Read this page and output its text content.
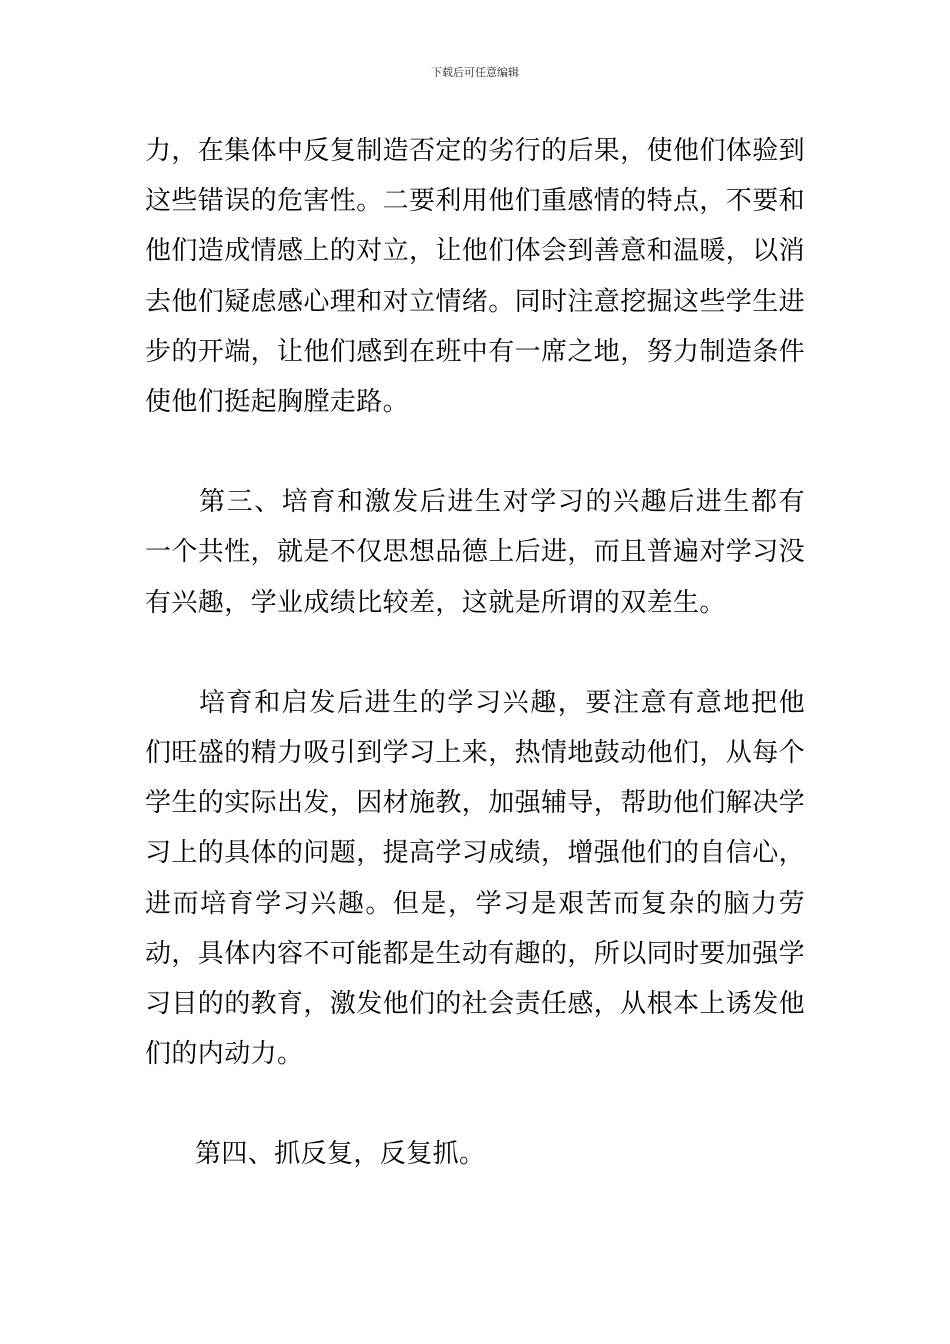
下载后可任意编辑

力，在集体中反复制造否定的劣行的后果，使他们体验到这些错误的危害性。二要利用他们重感情的特点，不要和他们造成情感上的对立，让他们体会到善意和温暖，以消去他们疑虑感心理和对立情绪。同时注意挖掘这些学生进步的开端，让他们感到在班中有一席之地，努力制造条件使他们挺起胸膛走路。

第三、培育和激发后进生对学习的兴趣后进生都有一个共性，就是不仅思想品德上后进，而且普遍对学习没有兴趣，学业成绩比较差，这就是所谓的双差生。

培育和启发后进生的学习兴趣，要注意有意地把他们旺盛的精力吸引到学习上来，热情地鼓动他们，从每个学生的实际出发，因材施教，加强辅导，帮助他们解决学习上的具体的问题，提高学习成绩，增强他们的自信心，进而培育学习兴趣。但是，学习是艰苦而复杂的脑力劳动，具体内容不可能都是生动有趣的，所以同时要加强学习目的的教育，激发他们的社会责任感，从根本上诱发他们的内动力。

第四、抓反复，反复抓。
